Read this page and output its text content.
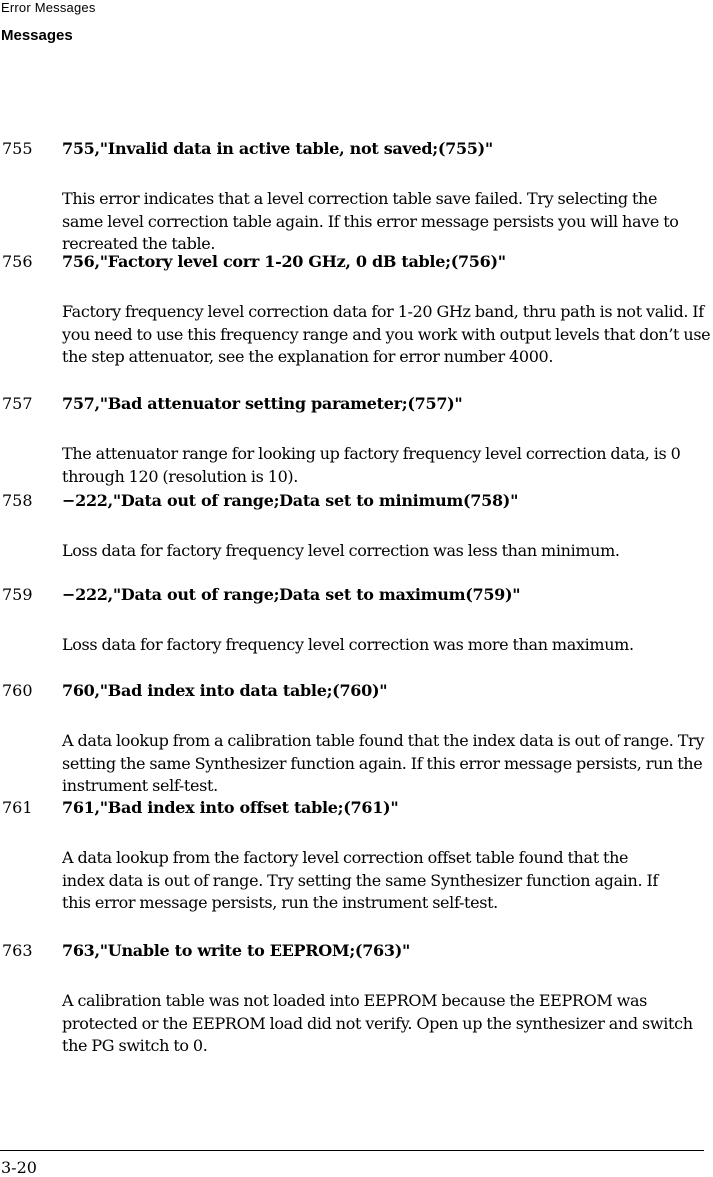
Error Messages
Messages
755 755,"Invalid data in active table, not saved;(755)"
This error indicates that a level correction table save failed. Try selecting the same level correction table again. If this error message persists you will have to recreated the table.
756 756,"Factory level corr 1-20 GHz, 0 dB table;(756)"
Factory frequency level correction data for 1-20 GHz band, thru path is not valid. If you need to use this frequency range and you work with output levels that don’t use the step attenuator, see the explanation for error number 4000.
757 757,"Bad attenuator setting parameter;(757)"
The attenuator range for looking up factory frequency level correction data, is 0 through 120 (resolution is 10).
758 −222,"Data out of range;Data set to minimum(758)"
Loss data for factory frequency level correction was less than minimum.
759 −222,"Data out of range;Data set to maximum(759)"
Loss data for factory frequency level correction was more than maximum.
760 760,"Bad index into data table;(760)"
A data lookup from a calibration table found that the index data is out of range. Try setting the same Synthesizer function again. If this error message persists, run the instrument self-test.
761 761,"Bad index into offset table;(761)"
A data lookup from the factory level correction offset table found that the index data is out of range. Try setting the same Synthesizer function again. If this error message persists, run the instrument self-test.
763 763,"Unable to write to EEPROM;(763)"
A calibration table was not loaded into EEPROM because the EEPROM was protected or the EEPROM load did not verify. Open up the synthesizer and switch the PG switch to 0.
3-20
